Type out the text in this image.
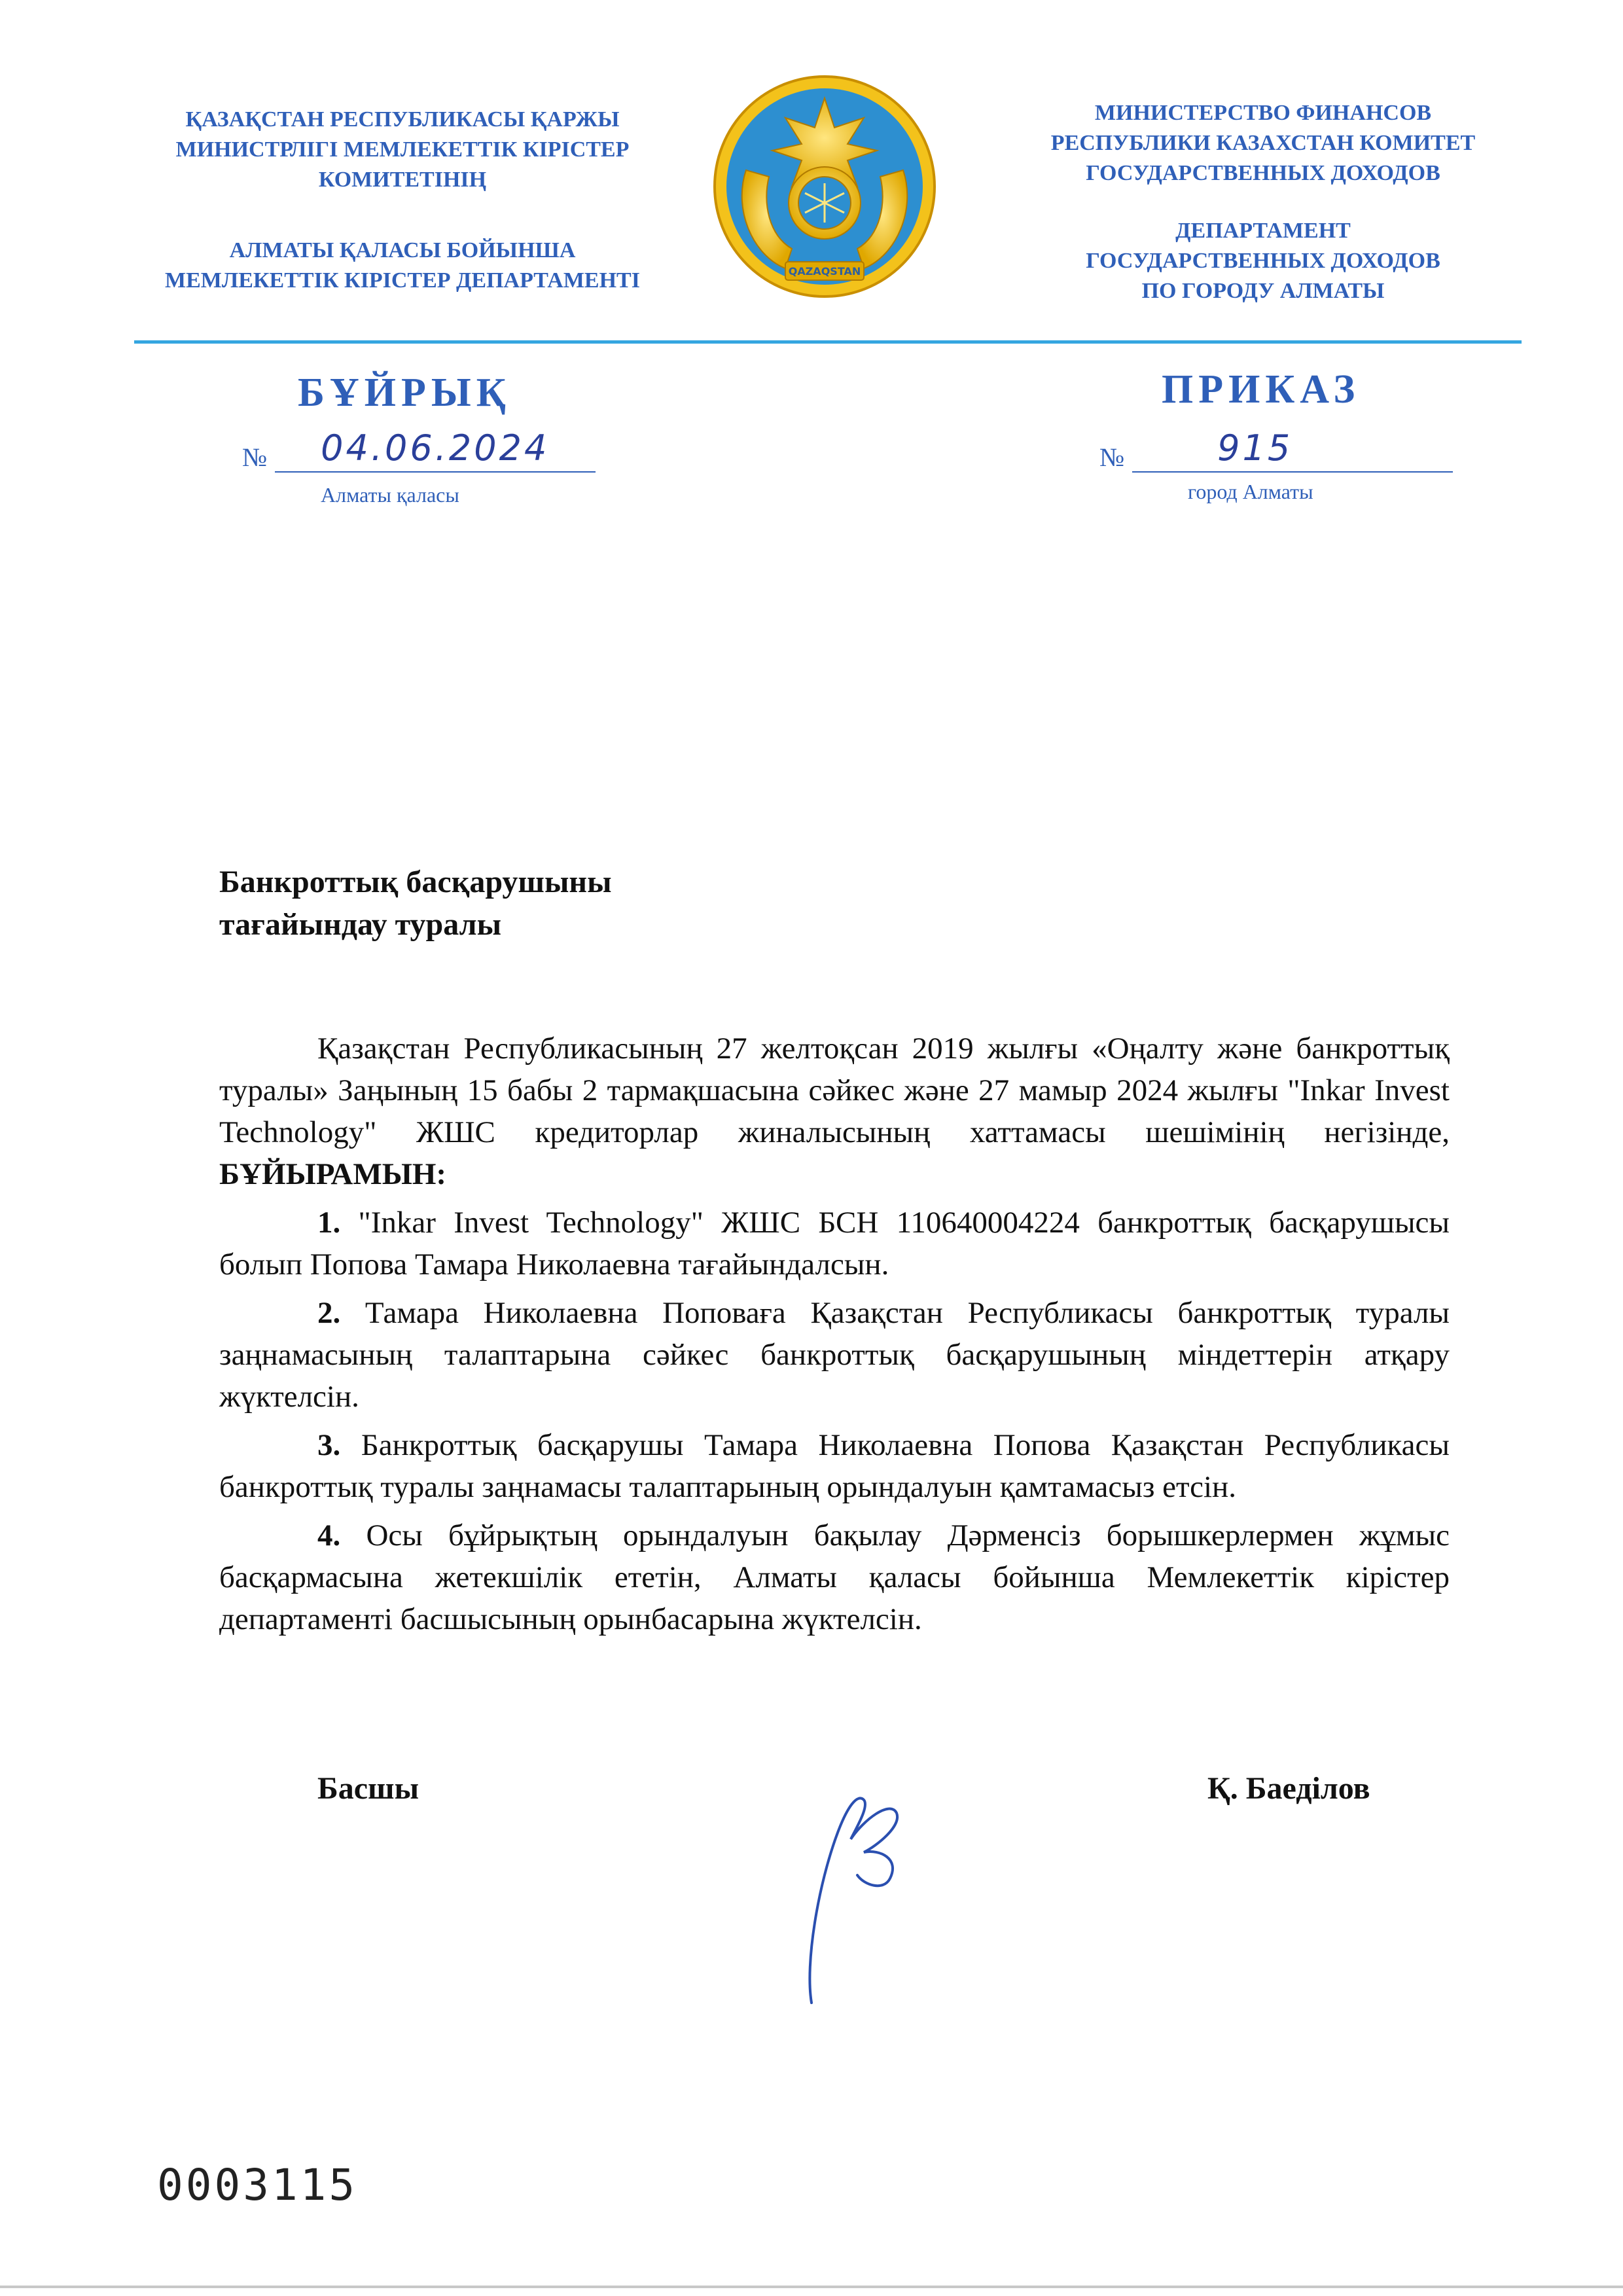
ҚАЗАҚСТАН РЕСПУБЛИКАСЫ ҚАРЖЫ
МИНИСТРЛІГІ МЕМЛЕКЕТТІК КІРІСТЕР
КОМИТЕТІНІҢ
АЛМАТЫ ҚАЛАСЫ БОЙЫНША
МЕМЛЕКЕТТІК КІРІСТЕР ДЕПАРТАМЕНТІ	QAZAQSTAN
МИНИСТЕРСТВО ФИНАНСОВ
РЕСПУБЛИКИ КАЗАХСТАН КОМИТЕТ
ГОСУДАРСТВЕННЫХ ДОХОДОВ
ДЕПАРТАМЕНТ
ГОСУДАРСТВЕННЫХ ДОХОДОВ
ПО ГОРОДУ АЛМАТЫ
БҰЙРЫҚ	ПРИКАЗ
№ 04.06.2024	№	915
Алматы қаласы	город Алматы
Банкроттық басқарушыны
тағайындау туралы

Қазақстан Республикасының 27 желтоқсан 2019 жылғы «Оңалту және банкроттық туралы» Заңының 15 бабы 2 тармақшасына сәйкес және 27 мамыр 2024 жылғы "Inkar Invest Technology" ЖШС кредиторлар жиналысының хаттамасы шешімінің негізінде, БҰЙЫРАМЫН:

1. "Inkar Invest Technology" ЖШС БСН 110640004224 банкроттық басқарушысы болып Попова Тамара Николаевна тағайындалсын.

2. Тамара Николаевна Поповаға Қазақстан Республикасы банкроттық туралы заңнамасының талаптарына сәйкес банкроттық басқарушының міндеттерін атқару жүктелсін.

3. Банкроттық басқарушы Тамара Николаевна Попова Қазақстан Республикасы банкроттық туралы заңнамасы талаптарының орындалуын қамтамасыз етсін.

4. Осы бұйрықтың орындалуын бақылау Дәрменсіз борышкерлермен жұмыс басқармасына жетекшілік ететін, Алматы қаласы бойынша Мемлекеттік кірістер департаменті басшысының орынбасарына жүктелсін.

Басшы	Қ. Баеділов
0003115
